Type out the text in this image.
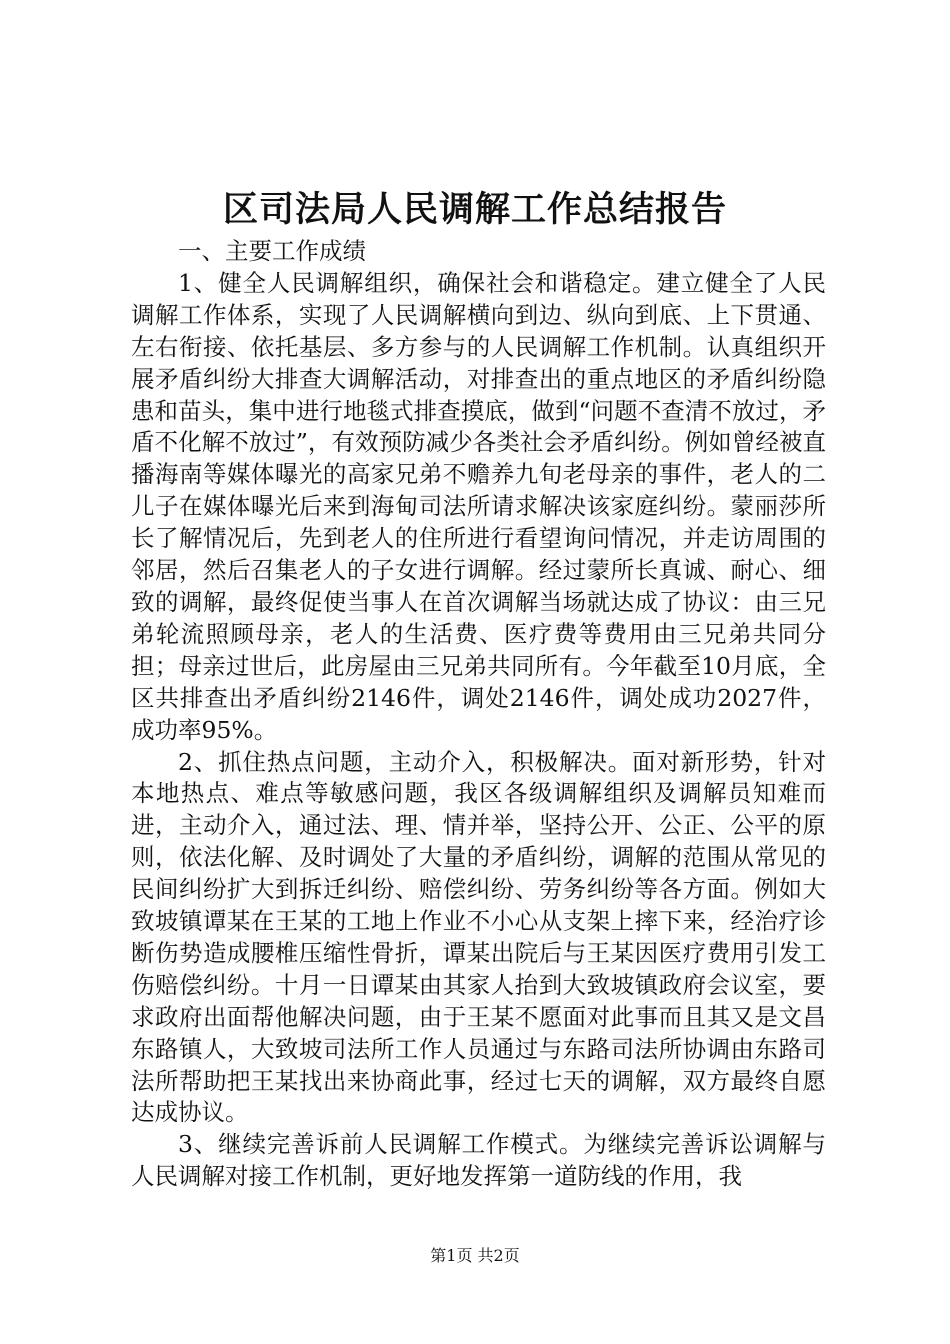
区司法局人民调解工作总结报告

一、主要工作成绩

1、健全人民调解组织，确保社会和谐稳定。建立健全了人民调解工作体系，实现了人民调解横向到边、纵向到底、上下贯通、左右衔接、依托基层、多方参与的人民调解工作机制。认真组织开展矛盾纠纷大排查大调解活动，对排查出的重点地区的矛盾纠纷隐患和苗头，集中进行地毯式排查摸底，做到“问题不查清不放过，矛盾不化解不放过”，有效预防减少各类社会矛盾纠纷。例如曾经被直播海南等媒体曝光的高家兄弟不赡养九旬老母亲的事件，老人的二儿子在媒体曝光后来到海甸司法所请求解决该家庭纠纷。蒙丽莎所长了解情况后，先到老人的住所进行看望询问情况，并走访周围的邻居，然后召集老人的子女进行调解。经过蒙所长真诚、耐心、细致的调解，最终促使当事人在首次调解当场就达成了协议：由三兄弟轮流照顾母亲，老人的生活费、医疗费等费用由三兄弟共同分担；母亲过世后，此房屋由三兄弟共同所有。今年截至10月底，全区共排查出矛盾纠纷2146件，调处2146件，调处成功2027件，成功率95%。

2、抓住热点问题，主动介入，积极解决。面对新形势，针对本地热点、难点等敏感问题，我区各级调解组织及调解员知难而进，主动介入，通过法、理、情并举，坚持公开、公正、公平的原则，依法化解、及时调处了大量的矛盾纠纷，调解的范围从常见的民间纠纷扩大到拆迁纠纷、赔偿纠纷、劳务纠纷等各方面。例如大致坡镇谭某在王某的工地上作业不小心从支架上摔下来，经治疗诊断伤势造成腰椎压缩性骨折，谭某出院后与王某因医疗费用引发工伤赔偿纠纷。十月一日谭某由其家人抬到大致坡镇政府会议室，要求政府出面帮他解决问题，由于王某不愿面对此事而且其又是文昌东路镇人，大致坡司法所工作人员通过与东路司法所协调由东路司法所帮助把王某找出来协商此事，经过七天的调解，双方最终自愿达成协议。

3、继续完善诉前人民调解工作模式。为继续完善诉讼调解与人民调解对接工作机制，更好地发挥第一道防线的作用，我

第1页 共2页
